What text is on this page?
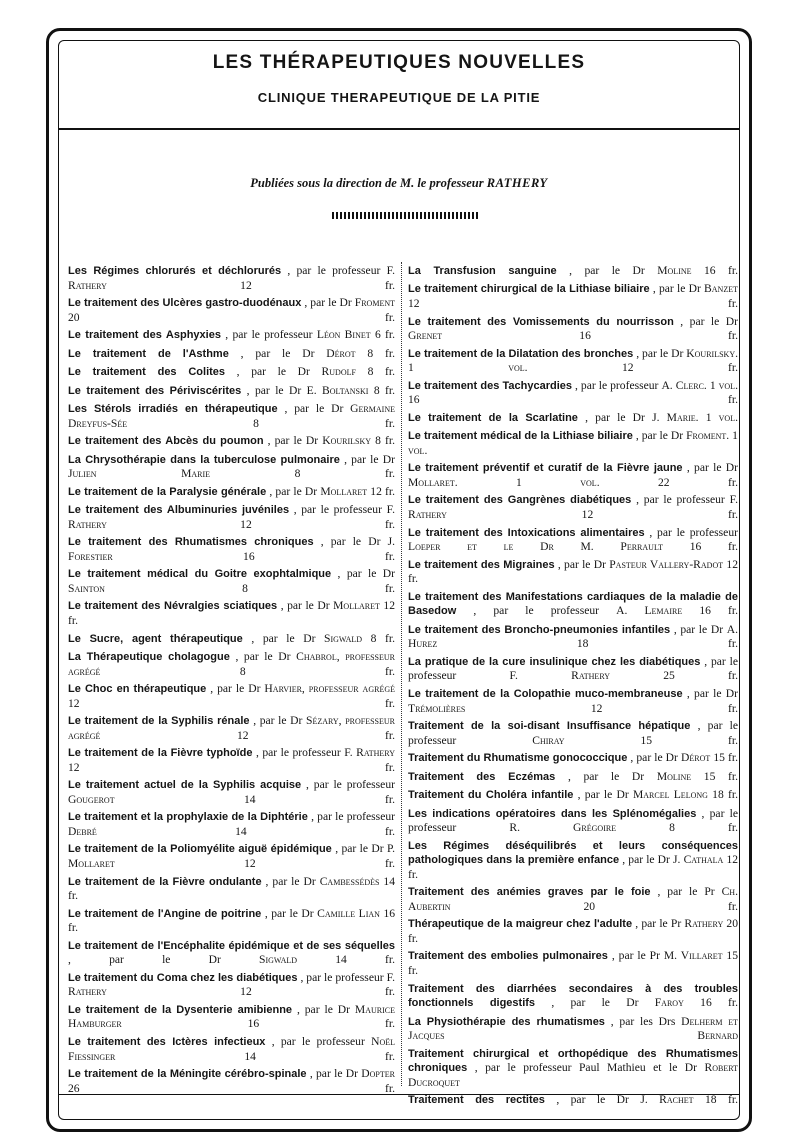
LES THÉRAPEUTIQUES NOUVELLES
CLINIQUE THERAPEUTIQUE DE LA PITIE
Publiées sous la direction de M. le professeur RATHERY
Les Régimes chlorurés et déchlorurés , par le professeur F. Rathery	12 fr.
Le traitement des Ulcères gastro-duodénaux , par le Dr Froment 20 fr.
Le traitement des Asphyxies , par le professeur Léon Binet 6 fr.
Le traitement de l'Asthme , par le Dr Dérot 8 fr.
Le traitement des Colites , par le Dr Rudolf 8 fr.
Le traitement des Périviscérites , par le Dr E. Boltanski 8 fr.
Les Stérols irradiés en thérapeutique , par le Dr Germaine Dreyfus-Sée	8 fr.
Le traitement des Abcès du poumon , par le Dr Kourilsky 8 fr.
La Chrysothérapie dans la tuberculose pulmonaire , par le Dr Julien Marie	8 fr.
Le traitement de la Paralysie générale , par le Dr Mollaret 12 fr.
Le traitement des Albuminuries juvéniles , par le professeur F. Rathery	12 fr.
Le traitement des Rhumatismes chroniques , par le Dr J. Forestier	16 fr.
Le traitement médical du Goitre exophtalmique , par le Dr Sainton	8 fr.
Le traitement des Névralgies sciatiques , par le Dr Mollaret 12 fr.
Le Sucre, agent thérapeutique , par le Dr Sigwald 8 fr.
La Thérapeutique cholagogue , par le Dr Chabrol, professeur agrégé	8 fr.
Le Choc en thérapeutique , par le Dr Harvier, professeur agrégé 12 fr.
Le traitement de la Syphilis rénale , par le Dr Sézary, professeur agrégé	12 fr.
Le traitement de la Fièvre typhoïde , par le professeur F. Rathery 12 fr.
Le traitement actuel de la Syphilis acquise , par le professeur Gougerot	14 fr.
Le traitement et la prophylaxie de la Diphtérie , par le professeur Debré	14 fr.
Le traitement de la Poliomyélite aiguë épidémique , par le Dr P. Mollaret	12 fr.
Le traitement de la Fièvre ondulante , par le Dr Cambessédès 14 fr.
Le traitement de l'Angine de poitrine , par le Dr Camille Lian 16 fr.
Le traitement de l'Encéphalite épidémique et de ses séquelles , par le Dr	Sigwald	14 fr.
Le traitement du Coma chez les diabétiques , par le professeur F. Rathery	12 fr.
Le traitement de la Dysenterie amibienne , par le Dr Maurice Hamburger	16 fr.
Le traitement des Ictères infectieux , par le professeur Noël Fiessinger	14 fr.
Le traitement de la Méningite cérébro-spinale , par le Dr Dopter 26 fr.
La Transfusion sanguine , par le Dr Moline 16 fr.
Le traitement chirurgical de la Lithiase biliaire , par le Dr Banzet 12 fr.
Le traitement des Vomissements du nourrisson , par le Dr Grenet	16 fr.
Le traitement de la Dilatation des bronches , par le Dr Kourilsky. 1 vol.	12 fr.
Le traitement des Tachycardies , par le professeur A. Clerc. 1 vol. 16 fr.
Le traitement de la Scarlatine , par le Dr J. Marie. 1 vol.
Le traitement médical de la Lithiase biliaire , par le Dr Froment. 1 vol.
Le traitement préventif et curatif de la Fièvre jaune , par le Dr Mollaret. 1 vol.	22 fr.
Le traitement des Gangrènes diabétiques , par le professeur F. Rathery	12 fr.
Le traitement des Intoxications alimentaires , par le professeur Loeper et le Dr M. Perrault 16 fr.
Le traitement des Migraines , par le Dr Pasteur Vallery-Radot 12 fr.
Le traitement des Manifestations cardiaques de la maladie de Basedow , par le professeur A. Lemaire 16 fr.
Le traitement des Broncho-pneumonies infantiles , par le Dr A. Hurez	18 fr.
La pratique de la cure insulinique chez les diabétiques , par le professeur	F. Rathery	25 fr.
Le traitement de la Colopathie muco-membraneuse , par le Dr Trémolières	12 fr.
Traitement de la soi-disant Insuffisance hépatique , par le professeur	Chiray	15 fr.
Traitement du Rhumatisme gonococcique , par le Dr Dérot 15 fr.
Traitement des Eczémas , par le Dr Moline 15 fr.
Traitement du Choléra infantile , par le Dr Marcel Lelong 18 fr.
Les indications opératoires dans les Splénomégalies , par le professeur	R. Grégoire	8 fr.
Les Régimes déséquilibrés et leurs conséquences pathologiques dans la première enfance , par le Dr J. Cathala 12 fr.
Traitement des anémies graves par le foie , par le Pr Ch. Aubertin	20 fr.
Thérapeutique de la maigreur chez l'adulte , par le Pr Rathery 20 fr.
Traitement des embolies pulmonaires , par le Pr M. Villaret 15 fr.
Traitement des diarrhées secondaires à des troubles fonctionnels digestifs , par le Dr Faroy 16 fr.
La Physiothérapie des rhumatismes , par les Drs Delherm et Jacques Bernard
Traitement chirurgical et orthopédique des Rhumatismes chroniques , par le professeur Paul Mathieu et le Dr Robert Ducroquet
Traitement des rectites , par le Dr J. Rachet 18 fr.
